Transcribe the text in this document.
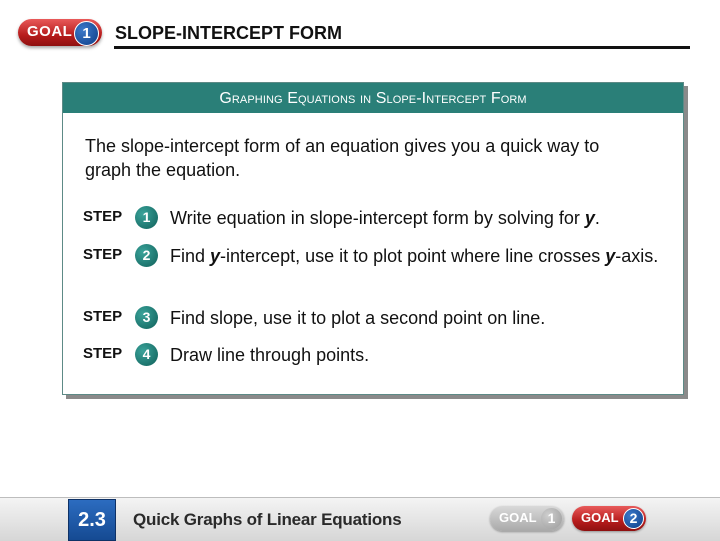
GOAL 1	SLOPE-INTERCEPT FORM
Graphing Equations in Slope-Intercept Form

The slope-intercept form of an equation gives you a quick way to graph the equation.

STEP	1	Write equation in slope-intercept form by solving for y.
STEP	2	Find y-intercept, use it to plot point where line crosses y-axis.
STEP	3	Find slope, use it to plot a second point on line.
STEP	4	Draw line through points.
2.3	Quick Graphs of Linear Equations	GOAL 1	GOAL 2
